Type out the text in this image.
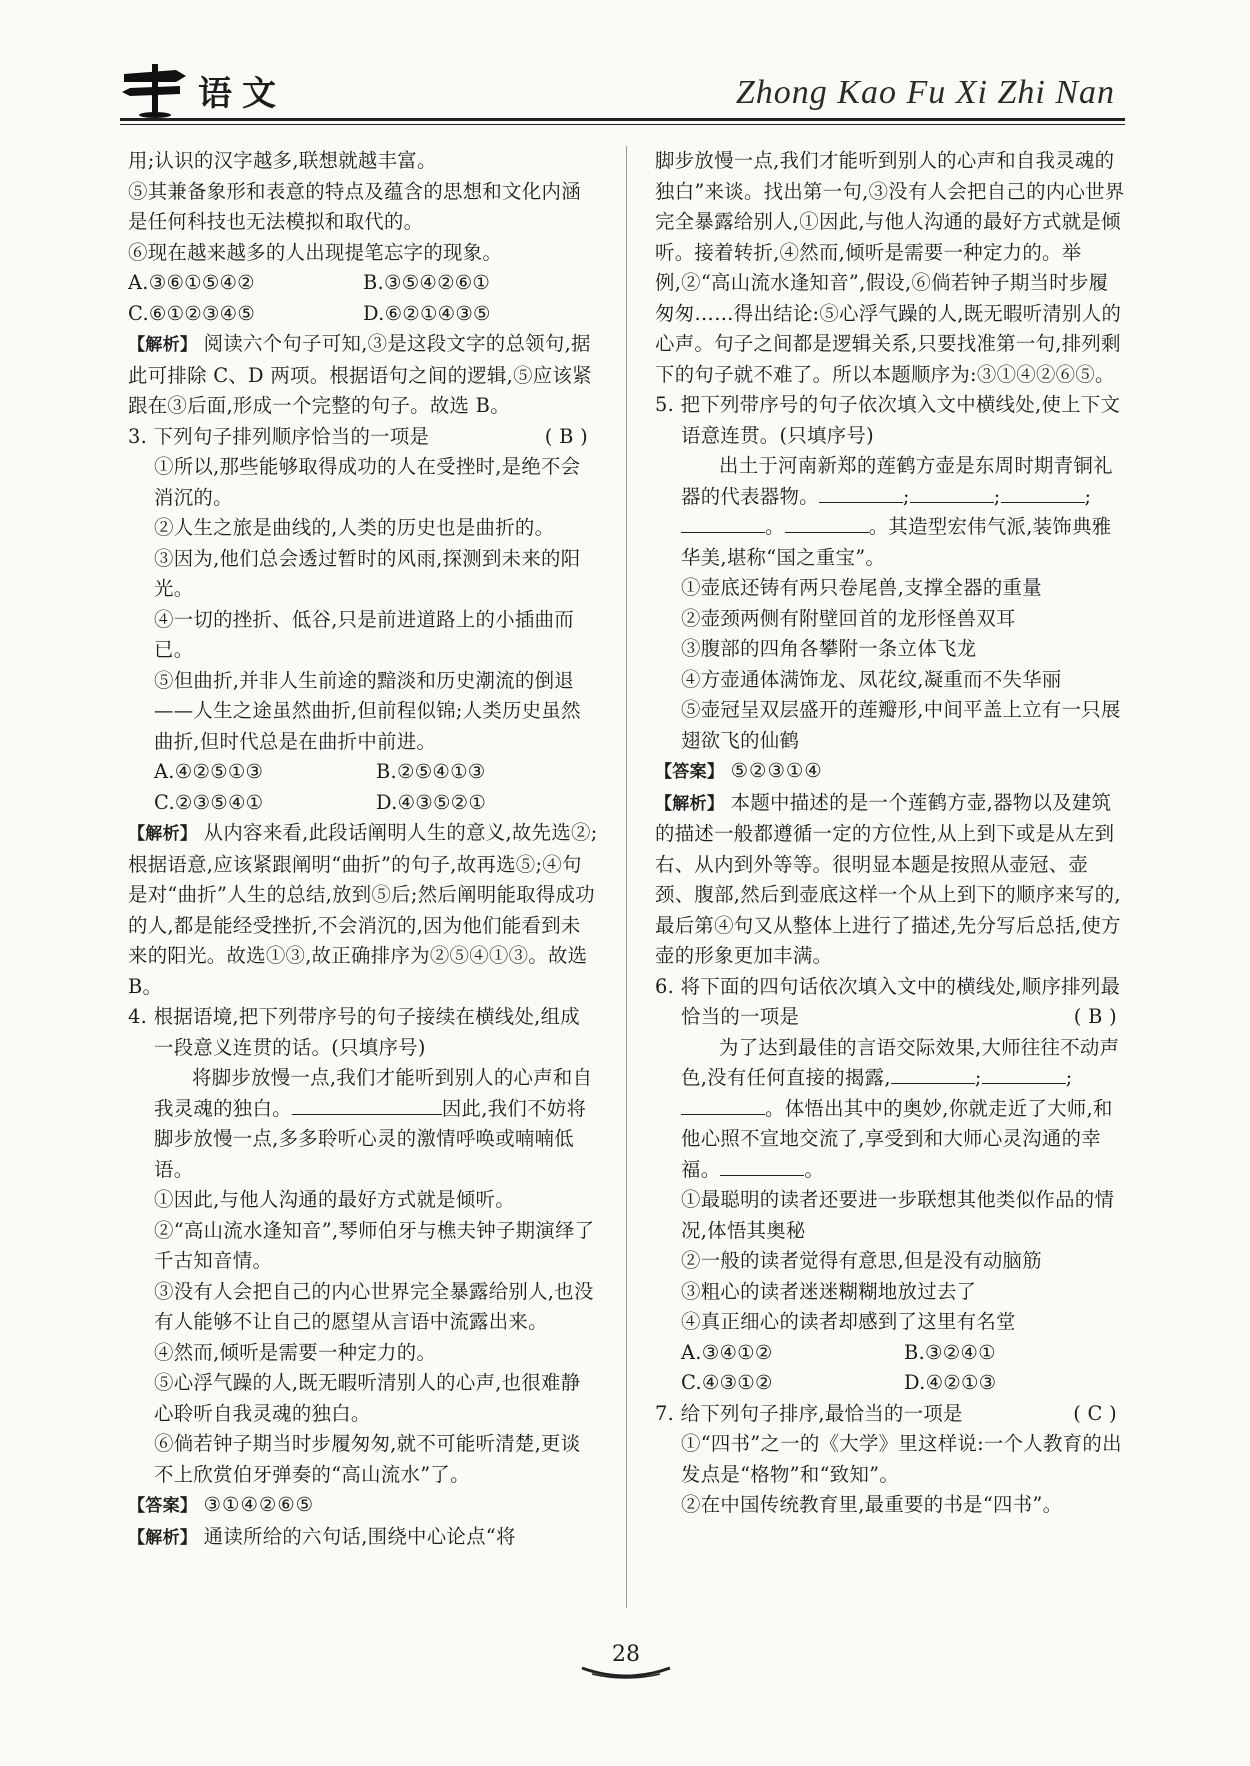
语文	Zhong Kao Fu Xi Zhi Nan

用;认识的汉字越多,联想就越丰富。

⑤其兼备象形和表意的特点及蕴含的思想和文化内涵是任何科技也无法模拟和取代的。

⑥现在越来越多的人出现提笔忘字的现象。

A.③⑥①⑤④②	B.③⑤④②⑥①
C.⑥①②③④⑤	D.⑥②①④③⑤

【解析】 阅读六个句子可知,③是这段文字的总领句,据此可排除 C、D 两项。根据语句之间的逻辑,⑤应该紧跟在③后面,形成一个完整的句子。故选 B。

3. 下列句子排列顺序恰当的一项是	( B )

①所以,那些能够取得成功的人在受挫时,是绝不会消沉的。

②人生之旅是曲线的,人类的历史也是曲折的。

③因为,他们总会透过暂时的风雨,探测到未来的阳光。

④一切的挫折、低谷,只是前进道路上的小插曲而已。

⑤但曲折,并非人生前途的黯淡和历史潮流的倒退——人生之途虽然曲折,但前程似锦;人类历史虽然曲折,但时代总是在曲折中前进。

A.④②⑤①③	B.②⑤④①③
C.②③⑤④①	D.④③⑤②①

【解析】 从内容来看,此段话阐明人生的意义,故先选②;根据语意,应该紧跟阐明“曲折”的句子,故再选⑤;④句是对“曲折”人生的总结,放到⑤后;然后阐明能取得成功的人,都是能经受挫折,不会消沉的,因为他们能看到未来的阳光。故选①③,故正确排序为②⑤④①③。故选 B。

4. 根据语境,把下列带序号的句子接续在横线处,组成一段意义连贯的话。(只填序号)

将脚步放慢一点,我们才能听到别人的心声和自我灵魂的独白。	因此,我们不妨将脚步放慢一点,多多聆听心灵的激情呼唤或喃喃低语。

①因此,与他人沟通的最好方式就是倾听。

②“高山流水逢知音”,琴师伯牙与樵夫钟子期演绎了千古知音情。

③没有人会把自己的内心世界完全暴露给别人,也没有人能够不让自己的愿望从言语中流露出来。

④然而,倾听是需要一种定力的。

⑤心浮气躁的人,既无暇听清别人的心声,也很难静心聆听自我灵魂的独白。

⑥倘若钟子期当时步履匆匆,就不可能听清楚,更谈不上欣赏伯牙弹奏的“高山流水”了。

【答案】 ③①④②⑥⑤

【解析】 通读所给的六句话,围绕中心论点“将

脚步放慢一点,我们才能听到别人的心声和自我灵魂的独白”来谈。找出第一句,③没有人会把自己的内心世界完全暴露给别人,①因此,与他人沟通的最好方式就是倾听。接着转折,④然而,倾听是需要一种定力的。举例,②“高山流水逢知音”,假设,⑥倘若钟子期当时步履匆匆……得出结论:⑤心浮气躁的人,既无暇听清别人的心声。句子之间都是逻辑关系,只要找准第一句,排列剩下的句子就不难了。所以本题顺序为:③①④②⑥⑤。

5. 把下列带序号的句子依次填入文中横线处,使上下文语意连贯。(只填序号)

出土于河南新郑的莲鹤方壶是东周时期青铜礼器的代表器物。	;	;	;。	。其造型宏伟气派,装饰典雅华美,堪称“国之重宝”。

①壶底还铸有两只卷尾兽,支撑全器的重量

②壶颈两侧有附壁回首的龙形怪兽双耳

③腹部的四角各攀附一条立体飞龙

④方壶通体满饰龙、凤花纹,凝重而不失华丽

⑤壶冠呈双层盛开的莲瓣形,中间平盖上立有一只展翅欲飞的仙鹤

【答案】 ⑤②③①④

【解析】 本题中描述的是一个莲鹤方壶,器物以及建筑的描述一般都遵循一定的方位性,从上到下或是从左到右、从内到外等等。很明显本题是按照从壶冠、壶颈、腹部,然后到壶底这样一个从上到下的顺序来写的,最后第④句又从整体上进行了描述,先分写后总括,使方壶的形象更加丰满。

6. 将下面的四句话依次填入文中的横线处,顺序排列最恰当的一项是	( B )

为了达到最佳的言语交际效果,大师往往不动声色,没有任何直接的揭露,	;	;。体悟出其中的奥妙,你就走近了大师,和他心照不宣地交流了,享受到和大师心灵沟通的幸福。	。

①最聪明的读者还要进一步联想其他类似作品的情况,体悟其奥秘

②一般的读者觉得有意思,但是没有动脑筋

③粗心的读者迷迷糊糊地放过去了

④真正细心的读者却感到了这里有名堂

A.③④①②	B.③②④①
C.④③①②	D.④②①③

7. 给下列句子排序,最恰当的一项是	( C )

①“四书”之一的《大学》里这样说:一个人教育的出发点是“格物”和“致知”。

②在中国传统教育里,最重要的书是“四书”。

28
